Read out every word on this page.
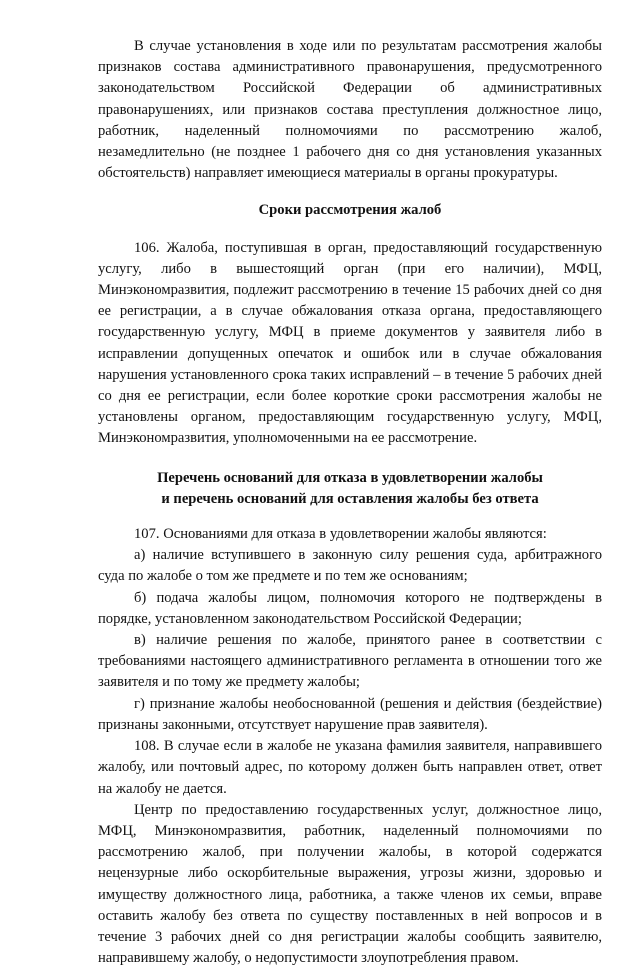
В случае установления в ходе или по результатам рассмотрения жалобы признаков состава административного правонарушения, предусмотренного законодательством Российской Федерации об административных правонарушениях, или признаков состава преступления должностное лицо, работник, наделенный полномочиями по рассмотрению жалоб, незамедлительно (не позднее 1 рабочего дня со дня установления указанных обстоятельств) направляет имеющиеся материалы в органы прокуратуры.

Сроки рассмотрения жалоб

106. Жалоба, поступившая в орган, предоставляющий государственную услугу, либо в вышестоящий орган (при его наличии), МФЦ, Минэкономразвития, подлежит рассмотрению в течение 15 рабочих дней со дня ее регистрации, а в случае обжалования отказа органа, предоставляющего государственную услугу, МФЦ в приеме документов у заявителя либо в исправлении допущенных опечаток и ошибок или в случае обжалования нарушения установленного срока таких исправлений – в течение 5 рабочих дней со дня ее регистрации, если более короткие сроки рассмотрения жалобы не установлены органом, предоставляющим государственную услугу, МФЦ, Минэкономразвития, уполномоченными на ее рассмотрение.

Перечень оснований для отказа в удовлетворении жалобы
и перечень оснований для оставления жалобы без ответа

107. Основаниями для отказа в удовлетворении жалобы являются:

а) наличие вступившего в законную силу решения суда, арбитражного суда по жалобе о том же предмете и по тем же основаниям;

б) подача жалобы лицом, полномочия которого не подтверждены в порядке, установленном законодательством Российской Федерации;

в) наличие решения по жалобе, принятого ранее в соответствии с требованиями настоящего административного регламента в отношении того же заявителя и по тому же предмету жалобы;

г) признание жалобы необоснованной (решения и действия (бездействие) признаны законными, отсутствует нарушение прав заявителя).

108. В случае если в жалобе не указана фамилия заявителя, направившего жалобу, или почтовый адрес, по которому должен быть направлен ответ, ответ на жалобу не дается.

Центр по предоставлению государственных услуг, должностное лицо, МФЦ, Минэкономразвития, работник, наделенный полномочиями по рассмотрению жалоб, при получении жалобы, в которой содержатся нецензурные либо оскорбительные выражения, угрозы жизни, здоровью и имуществу должностного лица, работника, а также членов их семьи, вправе оставить жалобу без ответа по существу поставленных в ней вопросов и в течение 3 рабочих дней со дня регистрации жалобы сообщить заявителю, направившему жалобу, о недопустимости злоупотребления правом.
